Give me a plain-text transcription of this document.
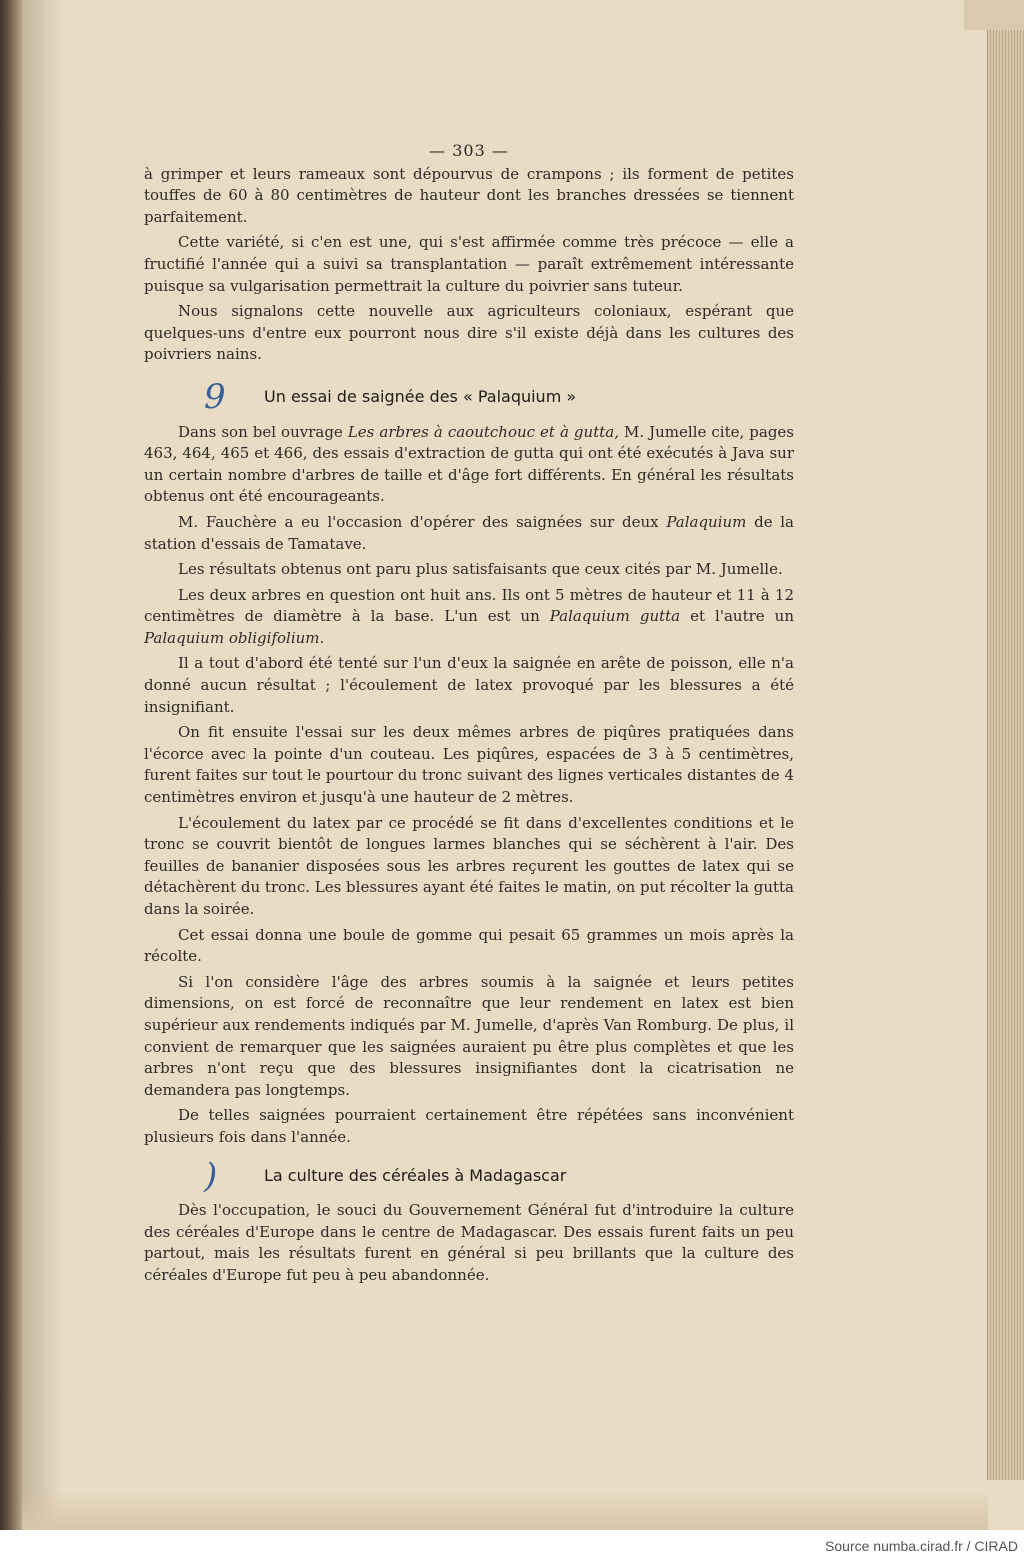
— 303 —

à grimper et leurs rameaux sont dépourvus de crampons ; ils forment de petites touffes de 60 à 80 centimètres de hauteur dont les branches dressées se tiennent parfaitement.

Cette variété, si c'en est une, qui s'est affirmée comme très précoce — elle a fructifié l'année qui a suivi sa transplantation — paraît extrêmement intéressante puisque sa vulgarisation permettrait la culture du poivrier sans tuteur.

Nous signalons cette nouvelle aux agriculteurs coloniaux, espérant que quelques-uns d'entre eux pourront nous dire s'il existe déjà dans les cultures des poivriers nains.

9 Un essai de saignée des « Palaquium »

Dans son bel ouvrage Les arbres à caoutchouc et à gutta, M. Jumelle cite, pages 463, 464, 465 et 466, des essais d'extraction de gutta qui ont été exécutés à Java sur un certain nombre d'arbres de taille et d'âge fort différents. En général les résultats obtenus ont été encourageants.

M. Fauchère a eu l'occasion d'opérer des saignées sur deux Palaquium de la station d'essais de Tamatave.

Les résultats obtenus ont paru plus satisfaisants que ceux cités par M. Jumelle.

Les deux arbres en question ont huit ans. Ils ont 5 mètres de hauteur et 11 à 12 centimètres de diamètre à la base. L'un est un Palaquium gutta et l'autre un Palaquium obligifolium.

Il a tout d'abord été tenté sur l'un d'eux la saignée en arête de poisson, elle n'a donné aucun résultat ; l'écoulement de latex provoqué par les blessures a été insignifiant.

On fit ensuite l'essai sur les deux mêmes arbres de piqûres pratiquées dans l'écorce avec la pointe d'un couteau. Les piqûres, espacées de 3 à 5 centimètres, furent faites sur tout le pourtour du tronc suivant des lignes verticales distantes de 4 centimètres environ et jusqu'à une hauteur de 2 mètres.

L'écoulement du latex par ce procédé se fit dans d'excellentes conditions et le tronc se couvrit bientôt de longues larmes blanches qui se séchèrent à l'air. Des feuilles de bananier disposées sous les arbres reçurent les gouttes de latex qui se détachèrent du tronc. Les blessures ayant été faites le matin, on put récolter la gutta dans la soirée.

Cet essai donna une boule de gomme qui pesait 65 grammes un mois après la récolte.

Si l'on considère l'âge des arbres soumis à la saignée et leurs petites dimensions, on est forcé de reconnaître que leur rendement en latex est bien supérieur aux rendements indiqués par M. Jumelle, d'après Van Romburg. De plus, il convient de remarquer que les saignées auraient pu être plus complètes et que les arbres n'ont reçu que des blessures insignifiantes dont la cicatrisation ne demandera pas longtemps.

De telles saignées pourraient certainement être répétées sans inconvénient plusieurs fois dans l'année.

)	La culture des céréales à Madagascar

Dès l'occupation, le souci du Gouvernement Général fut d'introduire la culture des céréales d'Europe dans le centre de Madagascar. Des essais furent faits un peu partout, mais les résultats furent en général si peu brillants que la culture des céréales d'Europe fut peu à peu abandonnée.

Source numba.cirad.fr / CIRAD
